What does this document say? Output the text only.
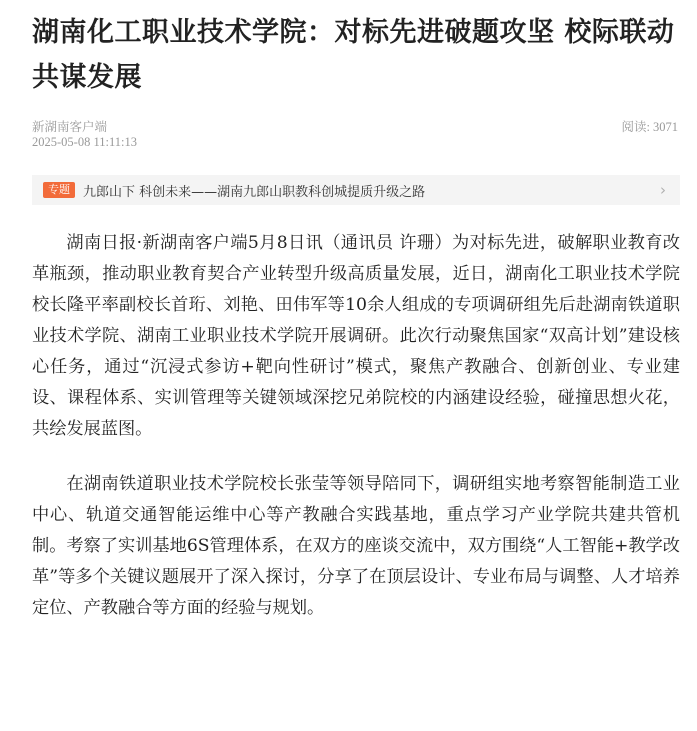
湖南化工职业技术学院：对标先进破题攻坚 校际联动共谋发展
新湖南客户端
2025-05-08 11:11:13
阅读: 3071
专题	九郎山下 科创未来——湖南九郎山职教科创城提质升级之路	›

湖南日报·新湖南客户端5月8日讯（通讯员 许珊）为对标先进，破解职业教育改革瓶颈，推动职业教育契合产业转型升级高质量发展，近日，湖南化工职业技术学院校长隆平率副校长首珩、刘艳、田伟军等10余人组成的专项调研组先后赴湖南铁道职业技术学院、湖南工业职业技术学院开展调研。此次行动聚焦国家“双高计划”建设核心任务，通过“沉浸式参访+靶向性研讨”模式，聚焦产教融合、创新创业、专业建设、课程体系、实训管理等关键领域深挖兄弟院校的内涵建设经验，碰撞思想火花，共绘发展蓝图。

在湖南铁道职业技术学院校长张莹等领导陪同下，调研组实地考察智能制造工业中心、轨道交通智能运维中心等产教融合实践基地，重点学习产业学院共建共管机制。考察了实训基地6S管理体系，在双方的座谈交流中，双方围绕“人工智能+教学改革”等多个关键议题展开了深入探讨，分享了在顶层设计、专业布局与调整、人才培养定位、产教融合等方面的经验与规划。
